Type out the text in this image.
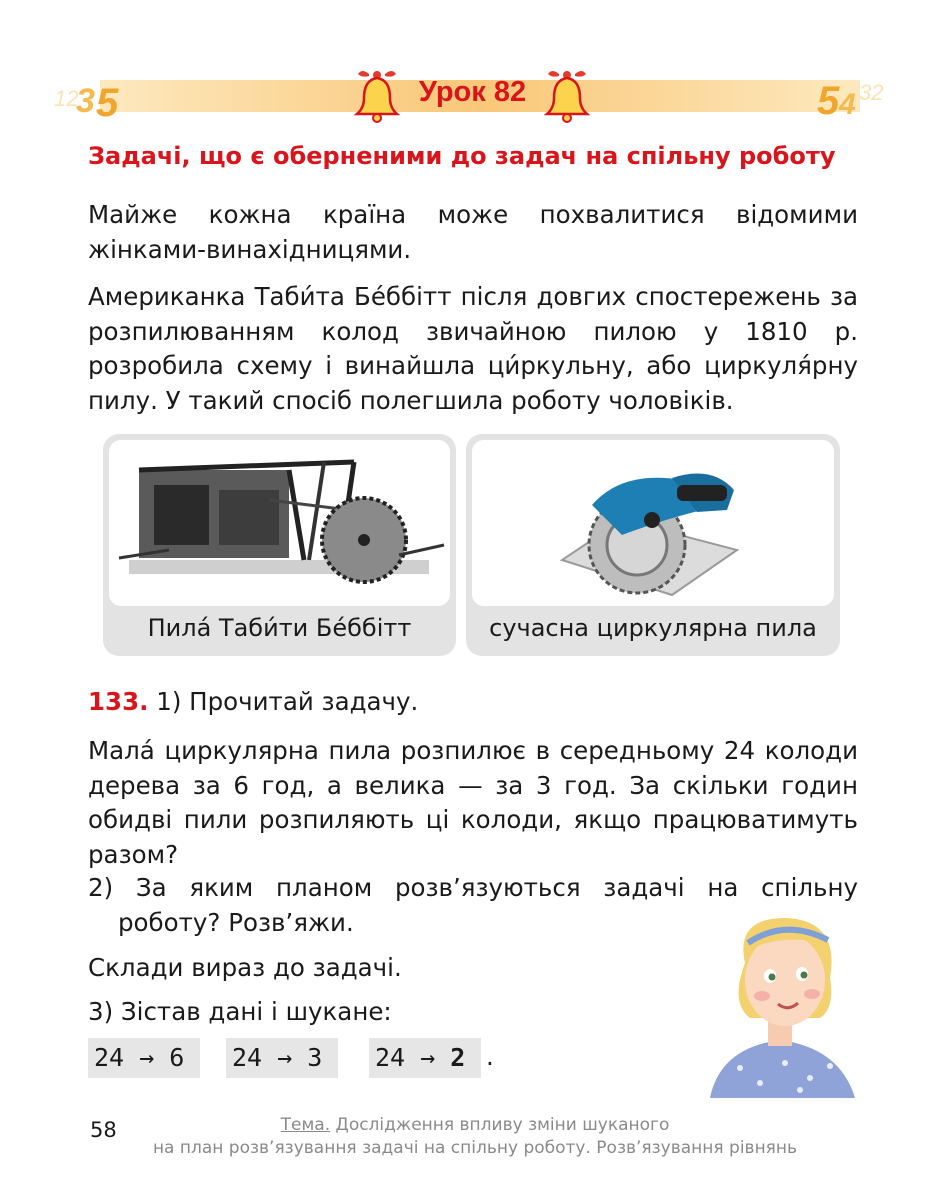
12
3 5	5 4 32
Урок 82
Задачі, що є оберненими до задач на спільну роботу

Майже кожна країна може похвалитися відомими жінками-винахідницями.

Американка Таби́та Бе́ббітт після довгих спостережень за розпилюванням колод звичайною пилою у 1810 р. розробила схему і винайшла ци́ркульну, або циркуля́рну пилу. У такий спосіб полегшила роботу чоловіків.

Пила́ Таби́ти Бе́ббітт	сучасна циркулярна пила
133. 1) Прочитай задачу.

Мала́ циркулярна пила розпилює в середньому 24 колоди дерева за 6 год, а велика — за 3 год. За скільки годин обидві пили розпиляють ці колоди, якщо працюватимуть разом?

2) За яким планом розв’язуються задачі на спільну роботу? Розв’яжи.

Склади вираз до задачі.
3) Зістав дані і шукане:
24 → 6	24 → 3	24 → 2 .
58	Тема. Дослідження впливу зміни шуканого
на план розв’язування задачі на спільну роботу. Розв’язування рівнянь
